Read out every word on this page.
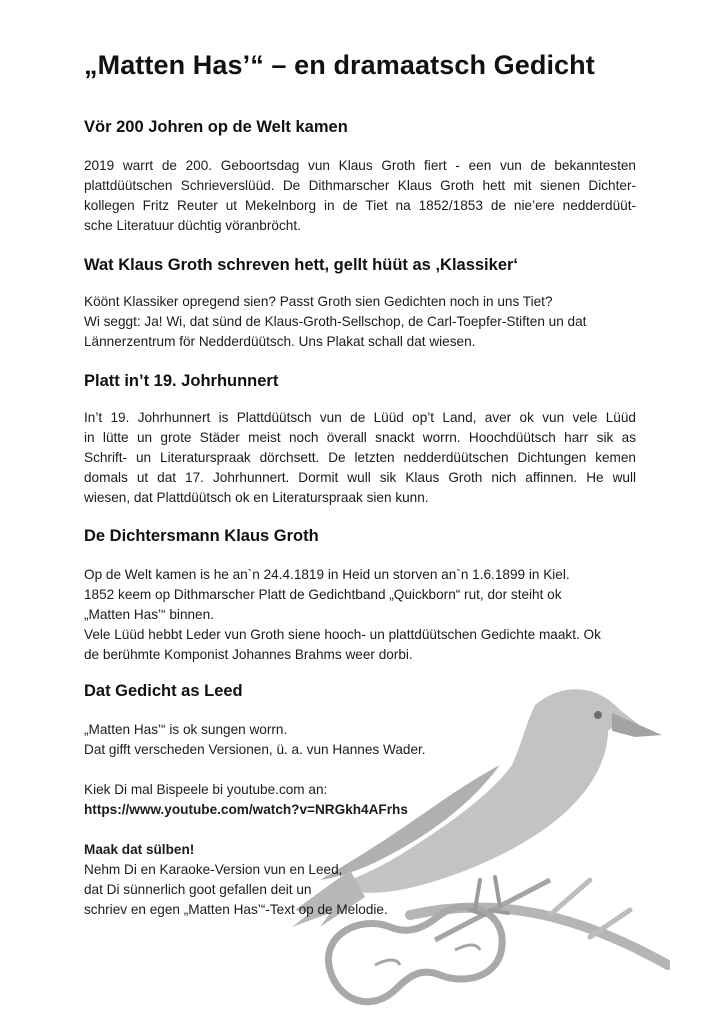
„Matten Has’“ – en dramaatsch Gedicht
Vör 200 Johren op de Welt kamen
2019 warrt de 200. Geboortsdag vun Klaus Groth fiert - een vun de bekanntesten
plattdüütschen Schrieverslüüd. De Dithmarscher Klaus Groth hett mit sienen Dichter-
kollegen Fritz Reuter ut Mekelnborg in de Tiet na 1852/1853 de nie’ere nedderdüüt-
sche Literatuur düchtig vöranbröcht.
Wat Klaus Groth schreven hett, gellt hüüt as ‚Klassiker‘
Köönt Klassiker opregend sien? Passt Groth sien Gedichten noch in uns Tiet?
Wi seggt: Ja! Wi, dat sünd de Klaus-Groth-Sellschop, de Carl-Toepfer-Stiften un dat
Lännerzentrum för Nedderdüütsch. Uns Plakat schall dat wiesen.
Platt in’t 19. Johrhunnert
In’t 19. Johrhunnert is Plattdüütsch vun de Lüüd op’t Land, aver ok vun vele Lüüd
in lütte un grote Städer meist noch överall snackt worrn. Hoochdüütsch harr sik as
Schrift- un Literaturspraak dörchsett. De letzten nedderdüütschen Dichtungen kemen
domals ut dat 17. Johrhunnert. Dormit wull sik Klaus Groth nich affinnen. He wull
wiesen, dat Plattdüütsch ok en Literaturspraak sien kunn.
De Dichtersmann Klaus Groth
Op de Welt kamen is he an`n 24.4.1819 in Heid un storven an`n 1.6.1899 in Kiel.
1852 keem op Dithmarscher Platt de Gedichtband „Quickborn“ rut, dor steiht ok
„Matten Has’“ binnen.
Vele Lüüd hebbt Leder vun Groth siene hooch- un plattdüütschen Gedichte maakt. Ok
de berühmte Komponist Johannes Brahms weer dorbi.
Dat Gedicht as Leed
„Matten Has’“ is ok sungen worrn.
Dat gifft verscheden Versionen, ü. a. vun Hannes Wader.
Kiek Di mal Bispeele bi youtube.com an:
https://www.youtube.com/watch?v=NRGkh4AFrhs
Maak dat sülben!
Nehm Di en Karaoke-Version vun en Leed,
dat Di sünnerlich goot gefallen deit un
schriev en egen „Matten Has’“-Text op de Melodie.
